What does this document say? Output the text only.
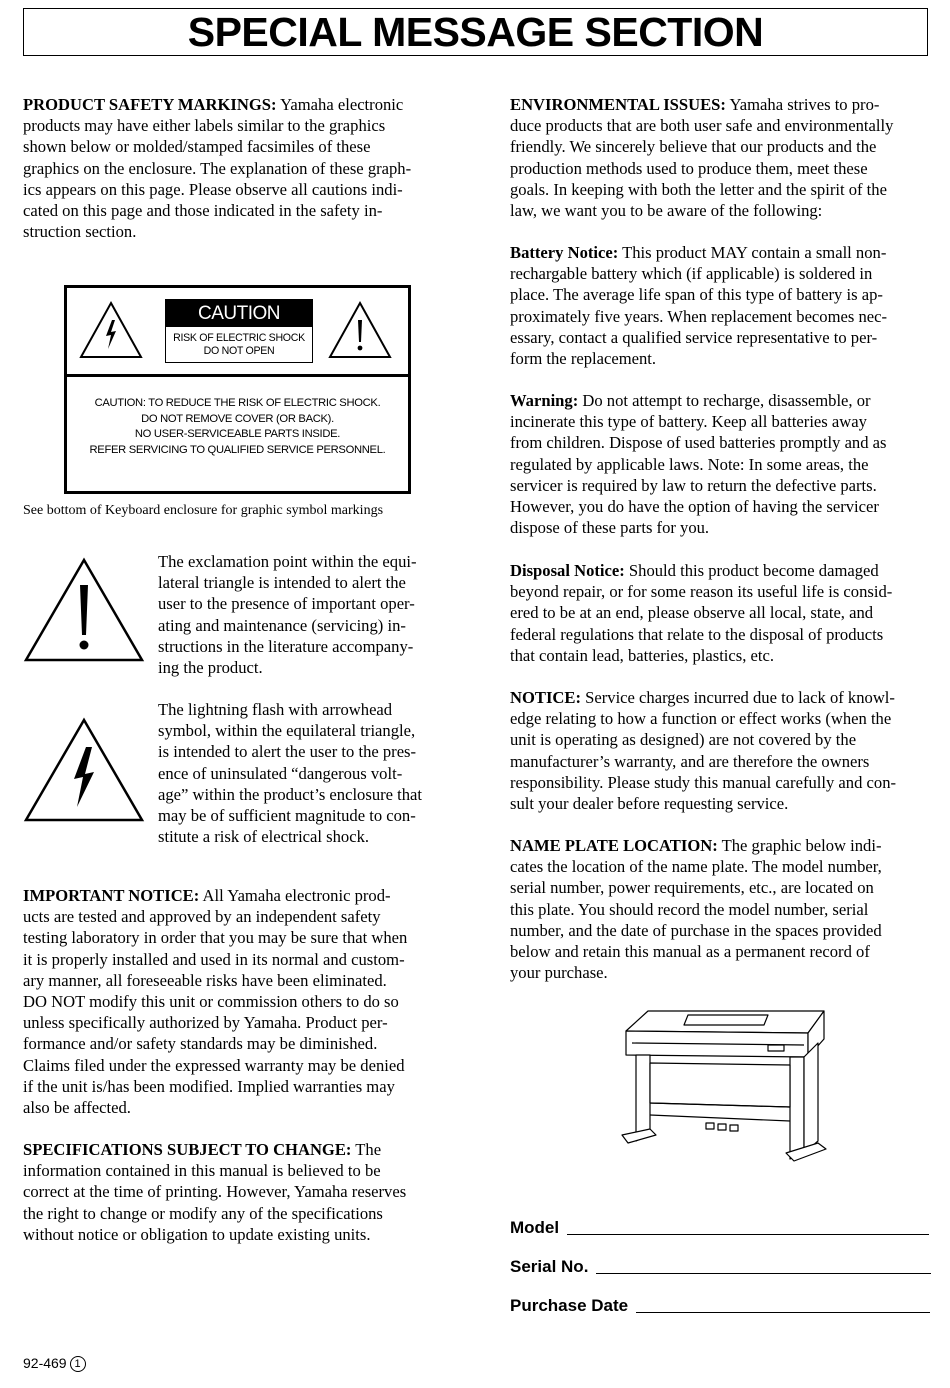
SPECIAL MESSAGE SECTION

PRODUCT SAFETY MARKINGS: Yamaha electronic

products may have either labels similar to the graphics

shown below or molded/stamped facsimiles of these

graphics on the enclosure. The explanation of these graph-

ics appears on this page. Please observe all cautions indi-

cated on this page and those indicated in the safety in-

struction section.

CAUTION
RISK OF ELECTRIC SHOCK
DO NOT OPEN
CAUTION: TO REDUCE THE RISK OF ELECTRIC SHOCK.
DO NOT REMOVE COVER (OR BACK).
NO USER-SERVICEABLE PARTS INSIDE.
REFER SERVICING TO QUALIFIED SERVICE PERSONNEL.
See bottom of Keyboard enclosure for graphic symbol markings
The exclamation point within the equi-
lateral triangle is intended to alert the
user to the presence of important oper-
ating and maintenance (servicing) in-
structions in the literature accompany-
ing the product.
The lightning flash with arrowhead
symbol, within the equilateral triangle,
is intended to alert the user to the pres-
ence of uninsulated “dangerous volt-
age” within the product’s enclosure that
may be of sufficient magnitude to con-
stitute a risk of electrical shock.

IMPORTANT NOTICE: All Yamaha electronic prod-

ucts are tested and approved by an independent safety

testing laboratory in order that you may be sure that when

it is properly installed and used in its normal and custom-

ary manner, all foreseeable risks have been eliminated.

DO NOT modify this unit or commission others to do so

unless specifically authorized by Yamaha. Product per-

formance and/or safety standards may be diminished.

Claims filed under the expressed warranty may be denied

if the unit is/has been modified. Implied warranties may

also be affected.

SPECIFICATIONS SUBJECT TO CHANGE: The

information contained in this manual is believed to be

correct at the time of printing. However, Yamaha reserves

the right to change or modify any of the specifications

without notice or obligation to update existing units.

92-469 1

ENVIRONMENTAL ISSUES: Yamaha strives to pro-

duce products that are both user safe and environmentally

friendly. We sincerely believe that our products and the

production methods used to produce them, meet these

goals. In keeping with both the letter and the spirit of the

law, we want you to be aware of the following:

Battery Notice: This product MAY contain a small non-

rechargable battery which (if applicable) is soldered in

place. The average life span of this type of battery is ap-

proximately five years. When replacement becomes nec-

essary, contact a qualified service representative to per-

form the replacement.

Warning: Do not attempt to recharge, disassemble, or

incinerate this type of battery. Keep all batteries away

from children. Dispose of used batteries promptly and as

regulated by applicable laws. Note: In some areas, the

servicer is required by law to return the defective parts.

However, you do have the option of having the servicer

dispose of these parts for you.

Disposal Notice: Should this product become damaged

beyond repair, or for some reason its useful life is consid-

ered to be at an end, please observe all local, state, and

federal regulations that relate to the disposal of products

that contain lead, batteries, plastics, etc.

NOTICE: Service charges incurred due to lack of knowl-

edge relating to how a function or effect works (when the

unit is operating as designed) are not covered by the

manufacturer’s warranty, and are therefore the owners

responsibility. Please study this manual carefully and con-

sult your dealer before requesting service.

NAME PLATE LOCATION: The graphic below indi-

cates the location of the name plate. The model number,

serial number, power requirements, etc., are located on

this plate. You should record the model number, serial

number, and the date of purchase in the spaces provided

below and retain this manual as a permanent record of

your purchase.

Model
Serial No.
Purchase Date
